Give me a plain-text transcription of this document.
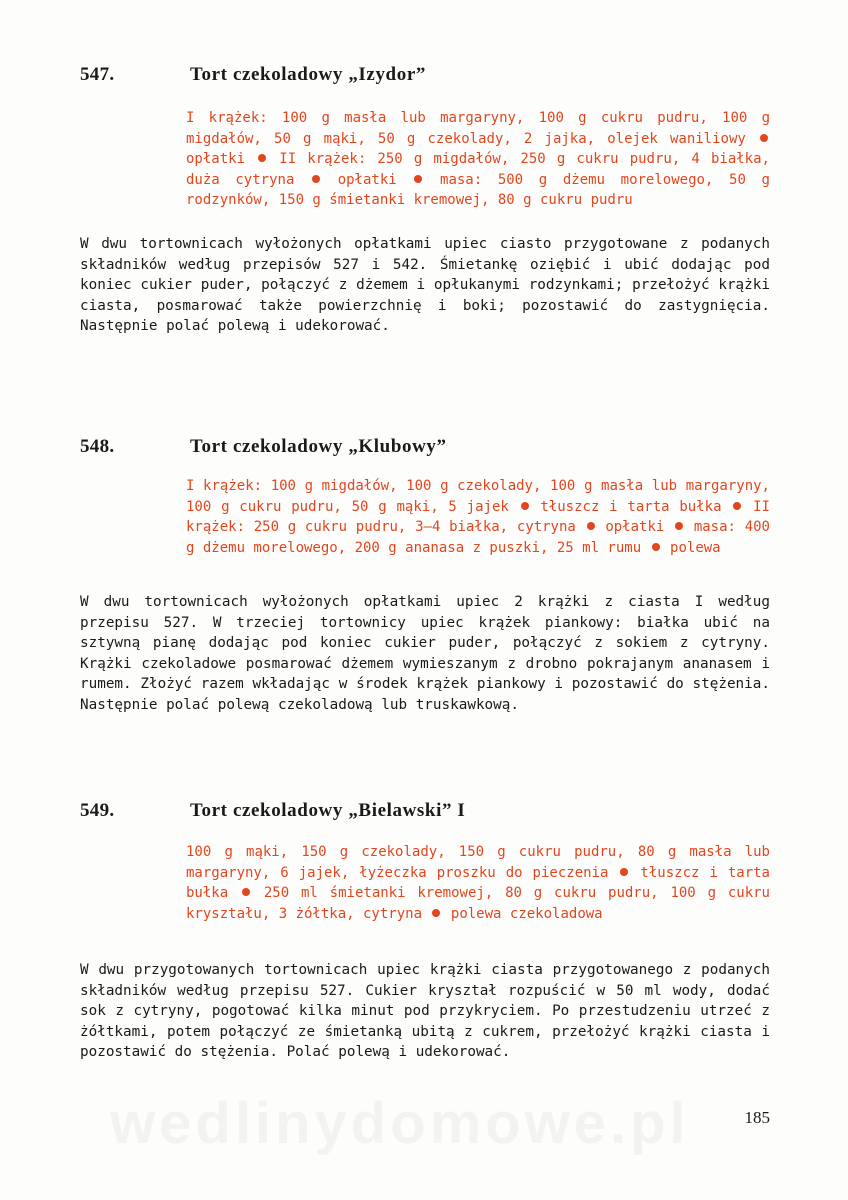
547.	Tort czekoladowy „Izydor”
I krążek: 100 g masła lub margaryny, 100 g cukru pudru, 100 g migdałów, 50 g mąki, 50 g czekolady, 2 jajka, olejek waniliowy  opłatki II krążek: 250 g migdałów, 250 g cukru pudru, 4 białka, duża cytryna	opłatki	masa: 500 g dżemu morelowego, 50 g rodzynków, 150 g śmietanki kremowej, 80 g cukru pudru

W dwu tortownicach wyłożonych opłatkami upiec ciasto przygotowane z podanych składników według przepisów 527 i 542. Śmietankę oziębić i ubić dodając pod koniec cukier puder, połączyć z dżemem i opłukanymi rodzynkami; przełożyć krążki ciasta, posmarować także powierzchnię i boki; pozostawić do zastygnięcia. Następnie polać polewą i udekorować.

548.	Tort czekoladowy „Klubowy”
I krążek: 100 g migdałów, 100 g czekolady, 100 g masła lub margaryny, 100 g cukru pudru, 50 g mąki, 5 jajek tłuszcz i tarta bułka II krążek: 250 g cukru pudru, 3—4 białka, cytryna opłatki masa: 400 g dżemu morelowego, 200 g ananasa z puszki, 25 ml rumu polewa

W dwu tortownicach wyłożonych opłatkami upiec 2 krążki z ciasta I według przepisu 527. W trzeciej tortownicy upiec krążek piankowy: białka ubić na sztywną pianę dodając pod koniec cukier puder, połączyć z sokiem z cytryny. Krążki czekoladowe posmarować dżemem wymieszanym z drobno pokrajanym ananasem i rumem. Złożyć razem wkładając w środek krążek piankowy i pozostawić do stężenia. Następnie polać polewą czekoladową lub truskawkową.

549.	Tort czekoladowy „Bielawski” I
100 g mąki, 150 g czekolady, 150 g cukru pudru, 80 g masła lub margaryny, 6 jajek, łyżeczka proszku do pieczenia tłuszcz i tarta bułka	250 ml śmietanki kremowej, 80 g cukru pudru, 100 g cukru kryształu, 3 żółtka, cytryna polewa czekoladowa

W dwu przygotowanych tortownicach upiec krążki ciasta przygotowanego z podanych składników według przepisu 527. Cukier kryształ rozpuścić w 50 ml wody, dodać sok z cytryny, pogotować kilka minut pod przykryciem. Po przestudzeniu utrzeć z żółtkami, potem połączyć ze śmietanką ubitą z cukrem, przełożyć krążki ciasta i pozostawić do stężenia. Polać polewą i udekorować.

wedlinydomowe.pl	185
